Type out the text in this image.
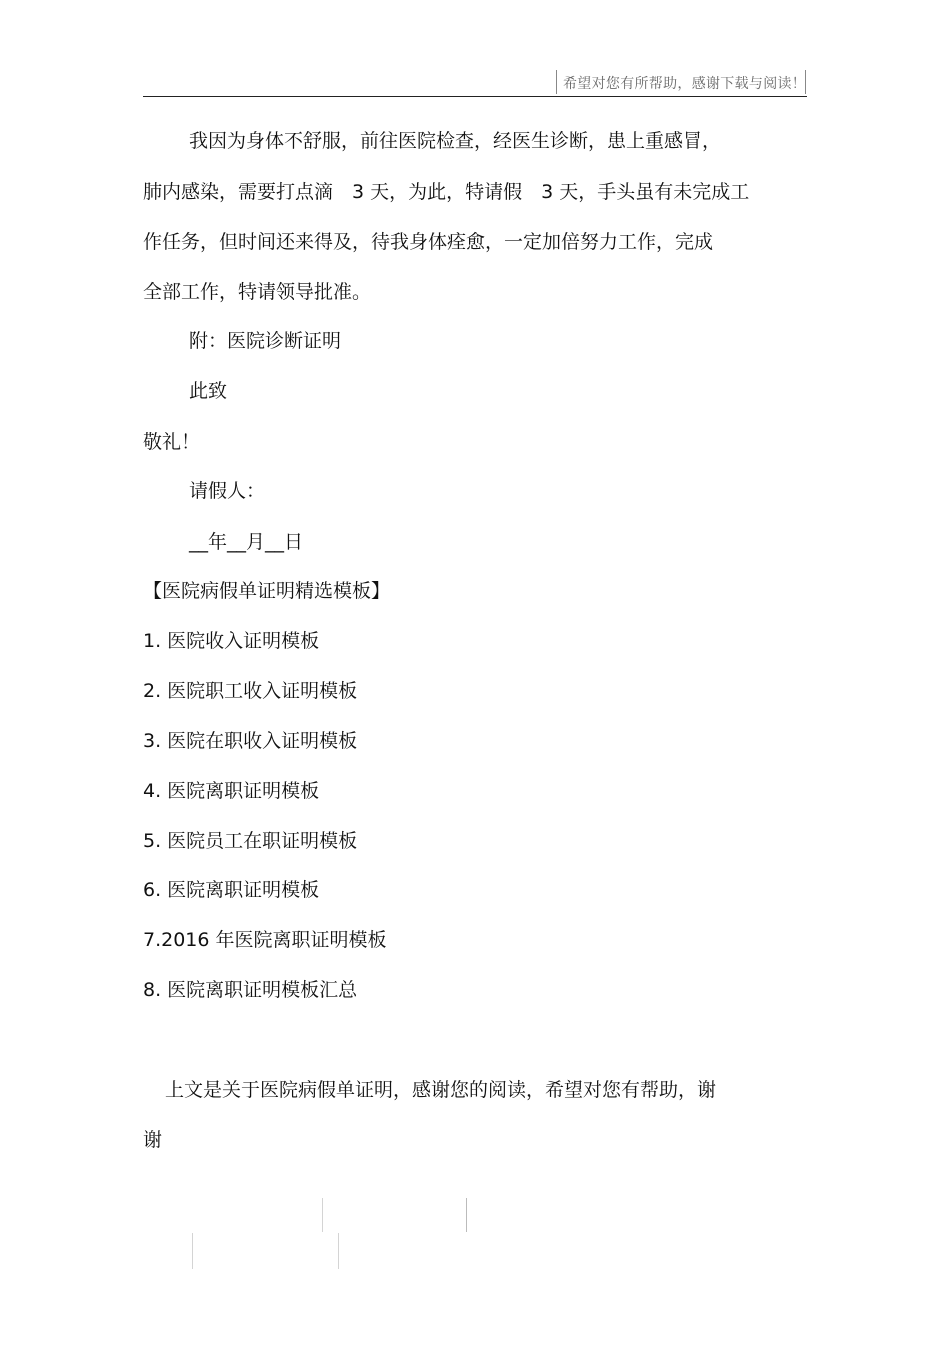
希望对您有所帮助，感谢下载与阅读！
我因为身体不舒服，前往医院检查，经医生诊断，患上重感冒，
肺内感染，需要打点滴　3 天，为此，特请假　3 天，手头虽有未完成工
作任务，但时间还来得及，待我身体痊愈，一定加倍努力工作，完成
全部工作，特请领导批准。
附：医院诊断证明
此致
敬礼！
请假人：
__年__月__日
【医院病假单证明精选模板】
1. 医院收入证明模板
2. 医院职工收入证明模板
3. 医院在职收入证明模板
4. 医院离职证明模板
5. 医院员工在职证明模板
6. 医院离职证明模板
7.2016 年医院离职证明模板
8. 医院离职证明模板汇总
上文是关于医院病假单证明，感谢您的阅读，希望对您有帮助，谢
谢
